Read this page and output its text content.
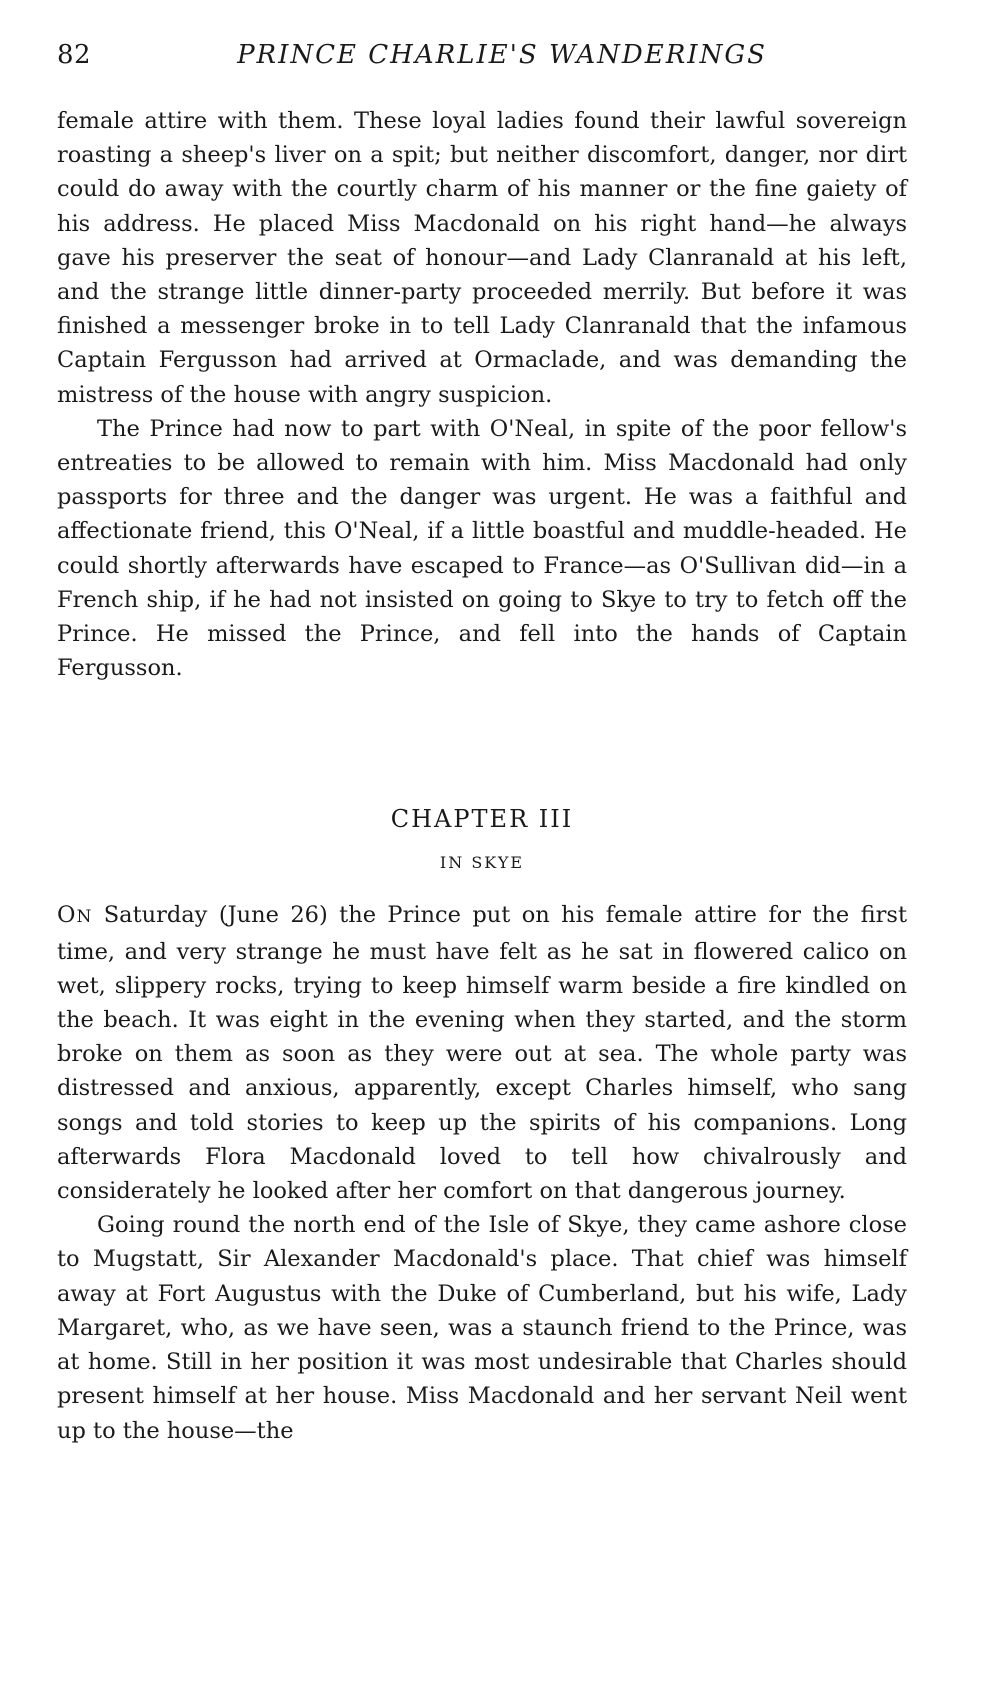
82	PRINCE CHARLIE'S WANDERINGS

female attire with them. These loyal ladies found their lawful sovereign roasting a sheep's liver on a spit; but neither discomfort, danger, nor dirt could do away with the courtly charm of his manner or the fine gaiety of his address. He placed Miss Macdonald on his right hand—he always gave his preserver the seat of honour—and Lady Clanranald at his left, and the strange little dinner-party proceeded merrily. But before it was finished a messenger broke in to tell Lady Clanranald that the infamous Captain Fergusson had arrived at Ormaclade, and was demanding the mistress of the house with angry suspicion.

The Prince had now to part with O'Neal, in spite of the poor fellow's entreaties to be allowed to remain with him. Miss Macdonald had only passports for three and the danger was urgent. He was a faithful and affectionate friend, this O'Neal, if a little boastful and muddle-headed. He could shortly afterwards have escaped to France—as O'Sullivan did—in a French ship, if he had not insisted on going to Skye to try to fetch off the Prince. He missed the Prince, and fell into the hands of Captain Fergusson.

CHAPTER III
IN SKYE

ON Saturday (June 26) the Prince put on his female attire for the first time, and very strange he must have felt as he sat in flowered calico on wet, slippery rocks, trying to keep himself warm beside a fire kindled on the beach. It was eight in the evening when they started, and the storm broke on them as soon as they were out at sea. The whole party was distressed and anxious, apparently, except Charles himself, who sang songs and told stories to keep up the spirits of his companions. Long afterwards Flora Macdonald loved to tell how chivalrously and considerately he looked after her comfort on that dangerous journey.

Going round the north end of the Isle of Skye, they came ashore close to Mugstatt, Sir Alexander Macdonald's place. That chief was himself away at Fort Augustus with the Duke of Cumberland, but his wife, Lady Margaret, who, as we have seen, was a staunch friend to the Prince, was at home. Still in her position it was most undesirable that Charles should present himself at her house. Miss Macdonald and her servant Neil went up to the house—the
